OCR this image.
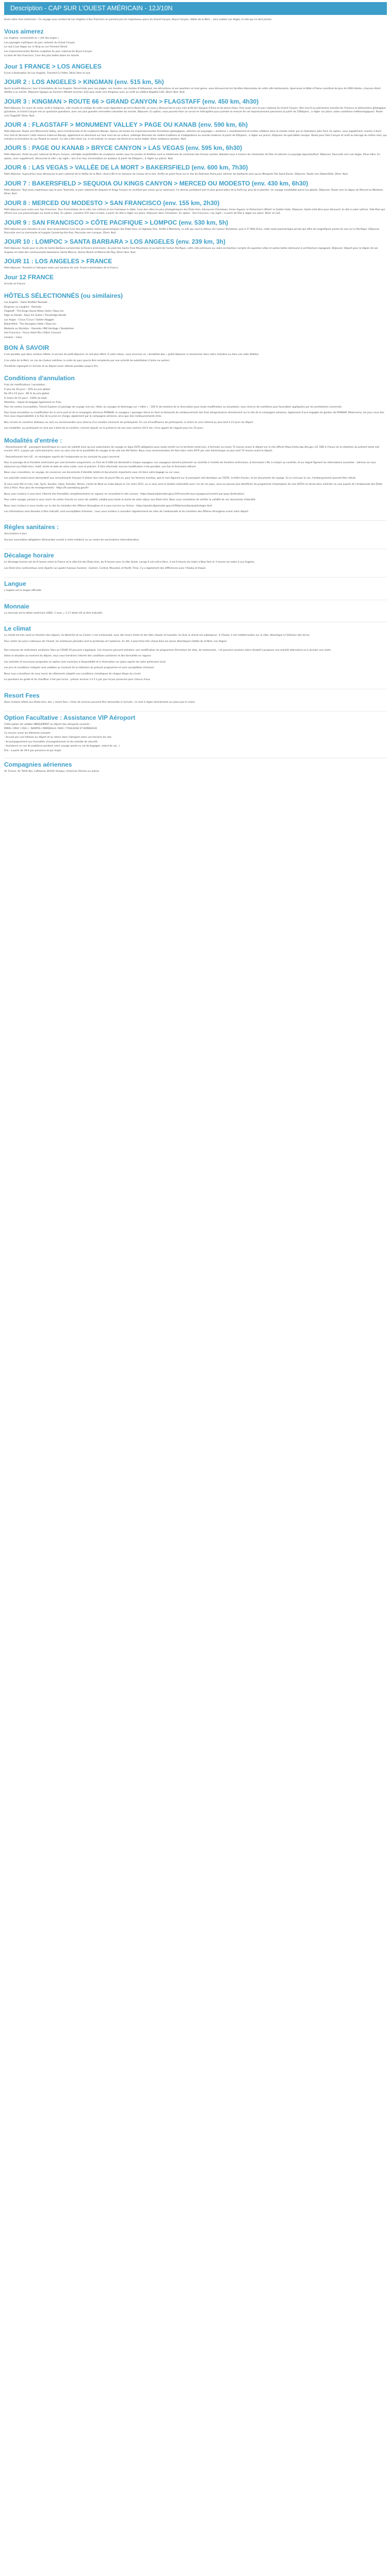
Description - CAP SUR L'OUEST AMÉRICAIN - 12J/10N

Vivez votre rêve américain ! Ce voyage vous conduit de Los Angeles à San Francisco en passant par les majestueux parcs du Grand Canyon, Bryce Canyon, Vallée de la Mort... sans oublier Las Vegas, la ville qui ne dort jamais.

Vous aimerez

Los Angeles, surnommée la « cité des anges »

Les paysages mythiques du parc national du Grand Canyon

La nuit à Las Vegas sur le Strip ou sur Fremont Street

Les impressionnantes flèches sculptées du parc national de Bryce Canyon

La baie de San Francisco, l'une des plus belles baies du monde

Jour 1 FRANCE > LOS ANGELES

Envol à destination de Los Angeles. Transfert à l'hôtel. Dîner libre et nuit.

JOUR 2 : LOS ANGELES > KINGMAN (env. 515 km, 5h)

Après le petit-déjeuner, tour d'orientation de Los Angeles. Renommée pour ses plages, ses musées, ses studios d'Hollywood, ses attractions et ses quartiers en tout genre, vous découvrirez les facettes étonnantes de cette ville tentaculaire. Apercevez le Walk of Fame constitué de plus de 2000 étoiles, chacune étant dédiée à un artiste. Déjeuner typique au Farmer's Market (environ 1/2j) puis route vers Kingman avec un arrêt au célèbre Bagdad Café. Dîner libre. Nuit.

JOUR 3 : KINGMAN > ROUTE 66 > GRAND CANYON > FLAGSTAFF (env. 450 km, 4h30)

Petit-déjeuner. En cours de route, arrêt à Seligman, ville musée et vestige de cette route légendaire qu'est la Route 66, où vous y découvrirez le plus vieil arrêt de l'époque d'Elvis et de James Dean. Puis route vers le parc national du Grand Canyon. Site inscrit au patrimoine mondial de l'Unesco et phénomène géologique grandiose, le Grand Canyon est un spectacle grandiose, avec ses plus grandes merveilles naturelles du monde. Déjeuner. En option, vous pourrez faire un survol en hélicoptère pour prendre la mesure de cet impressionnant panorama (à partir de 259$/pers., à régler sur place, selon conditions météorologiques). Route vers Flagstaff. Dîner. Nuit.

JOUR 4 : FLAGSTAFF > MONUMENT VALLEY > PAGE OU KANAB (env. 590 km, 6h)

Petit-déjeuner. Route vers Monument Valley, terre immémoriale et de sculptures Navajo. Aperçu de toutes les impressionnantes formations géologiques, admirez ces paysages « westerns » mondialement et rendus célèbres dans le monde entier par le réalisateur John Ford. En option, vous supplément, monter à bord d'un 4x4 et découvrir cette réserve indienne Navajo, également en dessinant sur tout vivre de sa culture, mélange étonnant de vieilles traditions et d'adaptations au monde moderne (à partir de 65$/pers., à régler sur place). Déjeuner de spécialités navajos. Route pour Glen Canyon et arrêt au barrage du même nom, qui entraîna la formation du Lac Powell en amont. Ce site a été choisi car, à cet endroit, le canyon est étroit et la roche stable. Dîner ambiance western. Nuit.

JOUR 5 : PAGE OU KANAB > BRYCE CANYON > LAS VEGAS (env. 595 km, 6h30)

Petit-déjeuner. Visite du parc national de Bryce Canyon, véritable amphithéâtre de sculptures rosées sous les pentes et fenêtres sont le traitement de centaines des formes variées. Baladez-vous à travers les cheminées de fées et admirez ce paysage époustouflant. Déjeuner. Poursuite vers Las Vegas. Dîner libre. En option, avec supplément, découvrez la ville « by night » lors d'un tour d'orientation en autobus (à partir de 65$/pers., à régler sur place). Nuit.

JOUR 6 : LAS VEGAS > VALLÉE DE LA MORT > BAKERSFIELD (env. 600 km, 7h30)

Petit-déjeuner. Aujourd'hui vous découvrez le parc national de la Vallée de la Mort, situé à 80 m en dessous du niveau de la mer. Arrêts en point focal sur le site de Zabriskie Point pour admirer les badlands ainsi qu'au Mesquite Flat Sand Dunes. Déjeuner. Route vers Bakersfield. Dîner. Nuit.

JOUR 7 : BAKERSFIELD > SEQUOIA OU KINGS CANYON > MERCED OU MODESTO (env. 430 km, 6h30)

Petit-déjeuner. Tout aussi majestueux que le parc Yosemite, le parc national de Sequoia et Kings Canyon ne recèlent pas moins qu'un saisissant. Ce dernier parfaitant tout le plus grand arbre de la forêt sur plus de la planète. Un voyage inoubliable parmi les géants. Déjeuner. Route vers la région de Merced ou Modesto. Dîner. Nuit.

JOUR 8 : MERCED OU MODESTO > SAN FRANCISCO (env. 155 km, 2h30)

Petit-déjeuner puis route vers San Francisco. Tour d'orientation de la ville, ses collines et ses tramways à câble, l'une des villes les plus photogéniques des États-Unis, découvrez Chinatown, Union Square, le Fisherman's Wharf, le Golden Gate. Déjeuner. Après-midi libre pour découvrir la ville à votre rythme. Ville-Pass qui offrent une vue panoramique sur toute la baie. En option, croisière d'1h dans la baie, à partir de 30$ à régler sur place. Déjeuner dans Chinatown. En option : San Francisco « by night » à partir de 65$ à régler sur place. Dîner et nuit.

JOUR 9 : SAN FRANCISCO > CÔTE PACIFIQUE > LOMPOC (env. 530 km, 5h)

Petit-déjeuner puis direction le sud. Vous emprunterez l'une des plus belles routes panoramiques des États-Unis, la Highway One. Arrêts à Monterey, la ville qui vaut le détour de l'auteur Steinbeck, puis à 17 Mile Drive, cette route panoramique privée qui offre de magnifiques points de vue sur le Pacifique. Déjeuner. Poursuite vers la charmante et huppée Carmel-by-the-Sea. Poursuite vers Lompoc. Dîner. Nuit.

JOUR 10 : LOMPOC > SANTA BARBARA > LOS ANGELES (env. 239 km, 3h)

Petit-déjeuner. Route pour la ville de Santa Barbara surnommée la Riviera américaine. Au pied des Santa Ynez Mountains et au bord de l'océan Pacifique, cette ville précieuse au cadre enchanteur compte de superbes villas et autres belles demeures à architecture espagnole. Déjeuner. Départ pour la région de Los Angeles et visite des communautés balnéaires Santa Monica, Venice Beach et Marina Del Rey. Dîner libre. Nuit.

JOUR 11 : LOS ANGELES > FRANCE

Petit-déjeuner. Transfert à l'aéroport selon vos horaires de vols. Envol à destination de la France.

Jour 12 FRANCE

Arrivée en France.

HÔTELS SÉLECTIONNÉS (ou similaires)

Los Angeles : Hotel Stadtler Norwalk

Kingman ou Laughlin : Ramada

Flagstaff : The Kings House Motor Hotel / Days Inn

Page ou Kanab : Days Inn Suites / Travelodge Kanab

Las Vegas : Circus Circus / Golden Nugget

Bakersfield : The Hourglass Hotel / Days Inn

Modesto ou Stockton : Ramada / BW Heritage / Doubletree

San Francisco : Focus Hotel Sfo / Hilton Concord

Lompoc : Lotus

BON À SAVOIR

Il est possible que dans certains hôtels, le service de petit-déjeuner ne soit plus offert. À votre retour, vous recevrez un « breakfast box » (petit-déjeuner à consommer dans votre chambre ou dans une salle dédiée).

Il se visite de la Mort, en cas de chaleur extrême, la visite du parc pourra être remplacée par une activité de substitution (Calico ou autres).

Transferts regroupés à l'arrivée et au départ (avec attente possible jusqu'à 2h).

Conditions d'annulation

Frais de modifications / annulation :

À plus de 30 jours : 35% du prix global

De 30 à 15 jours : 80 % du prix global

À moins de 15 jours : 100% du total.

Attention : lequel de bagage également en frais.

Pour les ventes incomplètes, Transit Explorer et package de voyage (vol sec, hôtel, ou voyage) et dommage sur « hôtel » : 100 % de montant de la réservation pour toute modification ou annulation, sous réserve de conditions plus favorables appliquées par les prestataires concernés.

Pour toute annulation ou modification de la vol le part et de la compagnie aérienne RYANAIR, le voyageur / passager devra en faire la demande de remboursement des frais aéroportuaires directement sur le site de la compagnie aérienne, également d'une engagée de gestion de RYANAIR. Néanmoins, les pour ceux des frais sous responsabilités à la fois de la prise en charge, également par la compagnie aérienne, ainsi que des remboursements émis.

Nos circuits et croisières (bateaux ou non) ou recommandés sous réserve d'un nombre minimum de participants. En cas d'insuffisance de participants, le client en sera informé au plus tard à 21 jours du départ.

Les modalités, ou participant ne sera pas à bord de la croisière, comme stipulé, en la présence de nos sous comme (10 € etc.) d'un appart de l'appart pour les 15 jours.

Modalités d'entrée :

- Ressortissants UE : passeport biométrique en cours de validité ainsi qu'une autorisation de voyage en ligne ESTA obligatoire pour toute entrée sur le territoire américain, à formuler au moins 72 heures avant le départ sur le site officiel https://esta.cbp.dhs.gov (21 USD à l'heure de la rédaction du présent texte soit environ 19 €, à payer par carte bancaire), avec ou sans visa de la possibilité de voyage et de vols ont été fixées. Nous vous recommandons de faire faire votre ESTA par voie électronique au plus tard 72 heures avant le départ.

- Ressortissants hors UE : se renseigner auprès de l'ambassade ou du consulat du pays concerné.

Pour le passage de la frontière américaine par voie terrestre uniquement, un frais de 6 USD est demandé à chaque voyageur. Les voyageurs doivent présenter au contrôle à l'entrée de frontière américaine, le formulaire I-94, à remplir au contrôle, et sur lequel figurent les informations suivantes : adresse où vous séjournez aux États-Unis, motif, durée et date de votre visite, nom et prénom. À titre informatif, aucune modification n'est possible, une fois le formulaire délivré.

Nous vous conseillons, en voyage, de conserver vos documents d'identité, billets et documents importants sous clé dans votre bagage ou sur vous.

Les autorités américaines demandent aux ressortissants français d'utiliser leur nom de jeune fille ou, pour les femmes mariées, que le nom figurant sur le passeport soit identique sur l'ESTA, le billet d'avion, et les documents de voyage. Si ce n'est pas le cas, l'embarquement pourrait être refusé.

Si vous avez été en Iran, Irak, Syrie, Soudan, Libye, Somalie, Yémen, Corée du Nord ou Cuba depuis le 1er mars 2011, ou si vous avez la double nationalité avec l'un de ces pays, vous ne pouvez plus bénéficier du programme d'exemption de visa (ESTA) et devez donc solliciter un visa auprès de l'ambassade des États-Unis à Paris. Pour plus de renseignements : https://fr.usembassy.gov/fr/

Nous vous invitons à vous tenir informé des formalités complémentaires en vigueur en consultant le site suivant : https://www.diplomatie.gouv.fr/fr/conseils-aux-voyageurs/conseils-par-pays-destination/

Pour votre voyage, pensez à vous munir de cartes d'accès en cours de validité, valable pour toute la durée de votre séjour aux États-Unis. Nous vous conseillons de vérifier la validité de vos documents d'identité.

Nous vous invitons à vous rendre sur le site du ministère des Affaires étrangères et à vous inscrire sur Ariane : https://pastel.diplomatie.gouv.fr/fildariane/dyn/public/login.html

Les informations sont données à titre indicatif, sont susceptibles d'évoluer ; nous vous invitons à consulter régulièrement les sites de l'ambassade et du ministère des Affaires étrangères avant votre départ.

Règles sanitaires :

Vaccinations à jour.

Aucune vaccination obligatoire (Demandez conseil à votre médecin ou au centre de vaccinations internationales).

Décalage horaire

Le décalage horaire est de 6 heures entre la France et la côte Est des États-Unis, de 9 heures avec la côte Ouest. Lorsqu'il est midi à Paris, il est 6 heures du matin à New York et 3 heures du matin à Los Angeles.

Les États-Unis continentaux sont répartis sur quatre fuseaux horaires : Eastern, Central, Mountain et Pacific Time. Il y a également des différences avec l'Alaska et Hawaï.

Langue

L'anglais est la langue officielle.

Monnaie

La monnaie est le dollar américain (USD). 1 euro = 1,17 dollar US (à titre indicatif).

Le climat

Le climat est très varié en fonction des régions. Au Nord-Est et au Centre, il est continental, avec des hivers froids et des étés chauds et humides. Au Sud, le climat est subtropical ; à l'Ouest, il est méditerranéen sur la côte, désertique à l'intérieur des terres.

Pour visiter les parcs nationaux de l'Ouest, les meilleures périodes sont le printemps et l'automne. En été, il peut faire très chaud dans les zones désertiques (Vallée de la Mort, Las Vegas).

Des mesures de restrictions sanitaires liées au COVID-19 peuvent s'appliquer. Ces mesures peuvent entraîner une modification du programme (fermeture de sites, de restaurants...) et peuvent conduire notre réceptif à proposer une activité alternative ou à annuler une visite.

Selon la situation au moment du départ, nous vous tiendrons informé des conditions sanitaires et des formalités en vigueur.

Les activités et excursions proposées en option sont soumises à disponibilité et à réservation sur place auprès de notre partenaire local.

Les prix et conditions indiqués sont valables au moment de la rédaction du présent programme et sont susceptibles d'évoluer.

Nous vous conseillons de vous munir de vêtements adaptés aux conditions climatiques de chaque étape du circuit.

Le pourboire du guide et du chauffeur n'est pas inclus : prévoir environ 3 à 5 $ par jour et par personne pour chacun d'eux.

Resort Fees

Dans certains hôtels aux États-Unis, des « resort fees » (frais de service) peuvent être demandés à l'arrivée ; ils sont à régler directement sur place par le client.

Option Facultative : Assistance VIP Aéroport

Cette option est valable UNIQUEMENT au départ des aéroports suivants :

PARIS ( ORLY / CDG ) - NANTES / MARSEILLE / NICE / TOULOUSE ET BORDEAUX

Ce service inclut les éléments suivants :

- Accueil par une hôtesse au départ et au retour dans l'aéroport selon vos horaires de vols

- Accompagnement aux formalités d'enregistrement et de contrôle de sécurité

- Assistance en cas de problème pendant votre voyage (perte ou vol de bagages, retard de vol...)

Prix : à partir de 39 € par personne et par trajet.

Compagnies aériennes

Air France, Air Tahiti Nui, Lufthansa, British Airways, American Airlines ou autres.
